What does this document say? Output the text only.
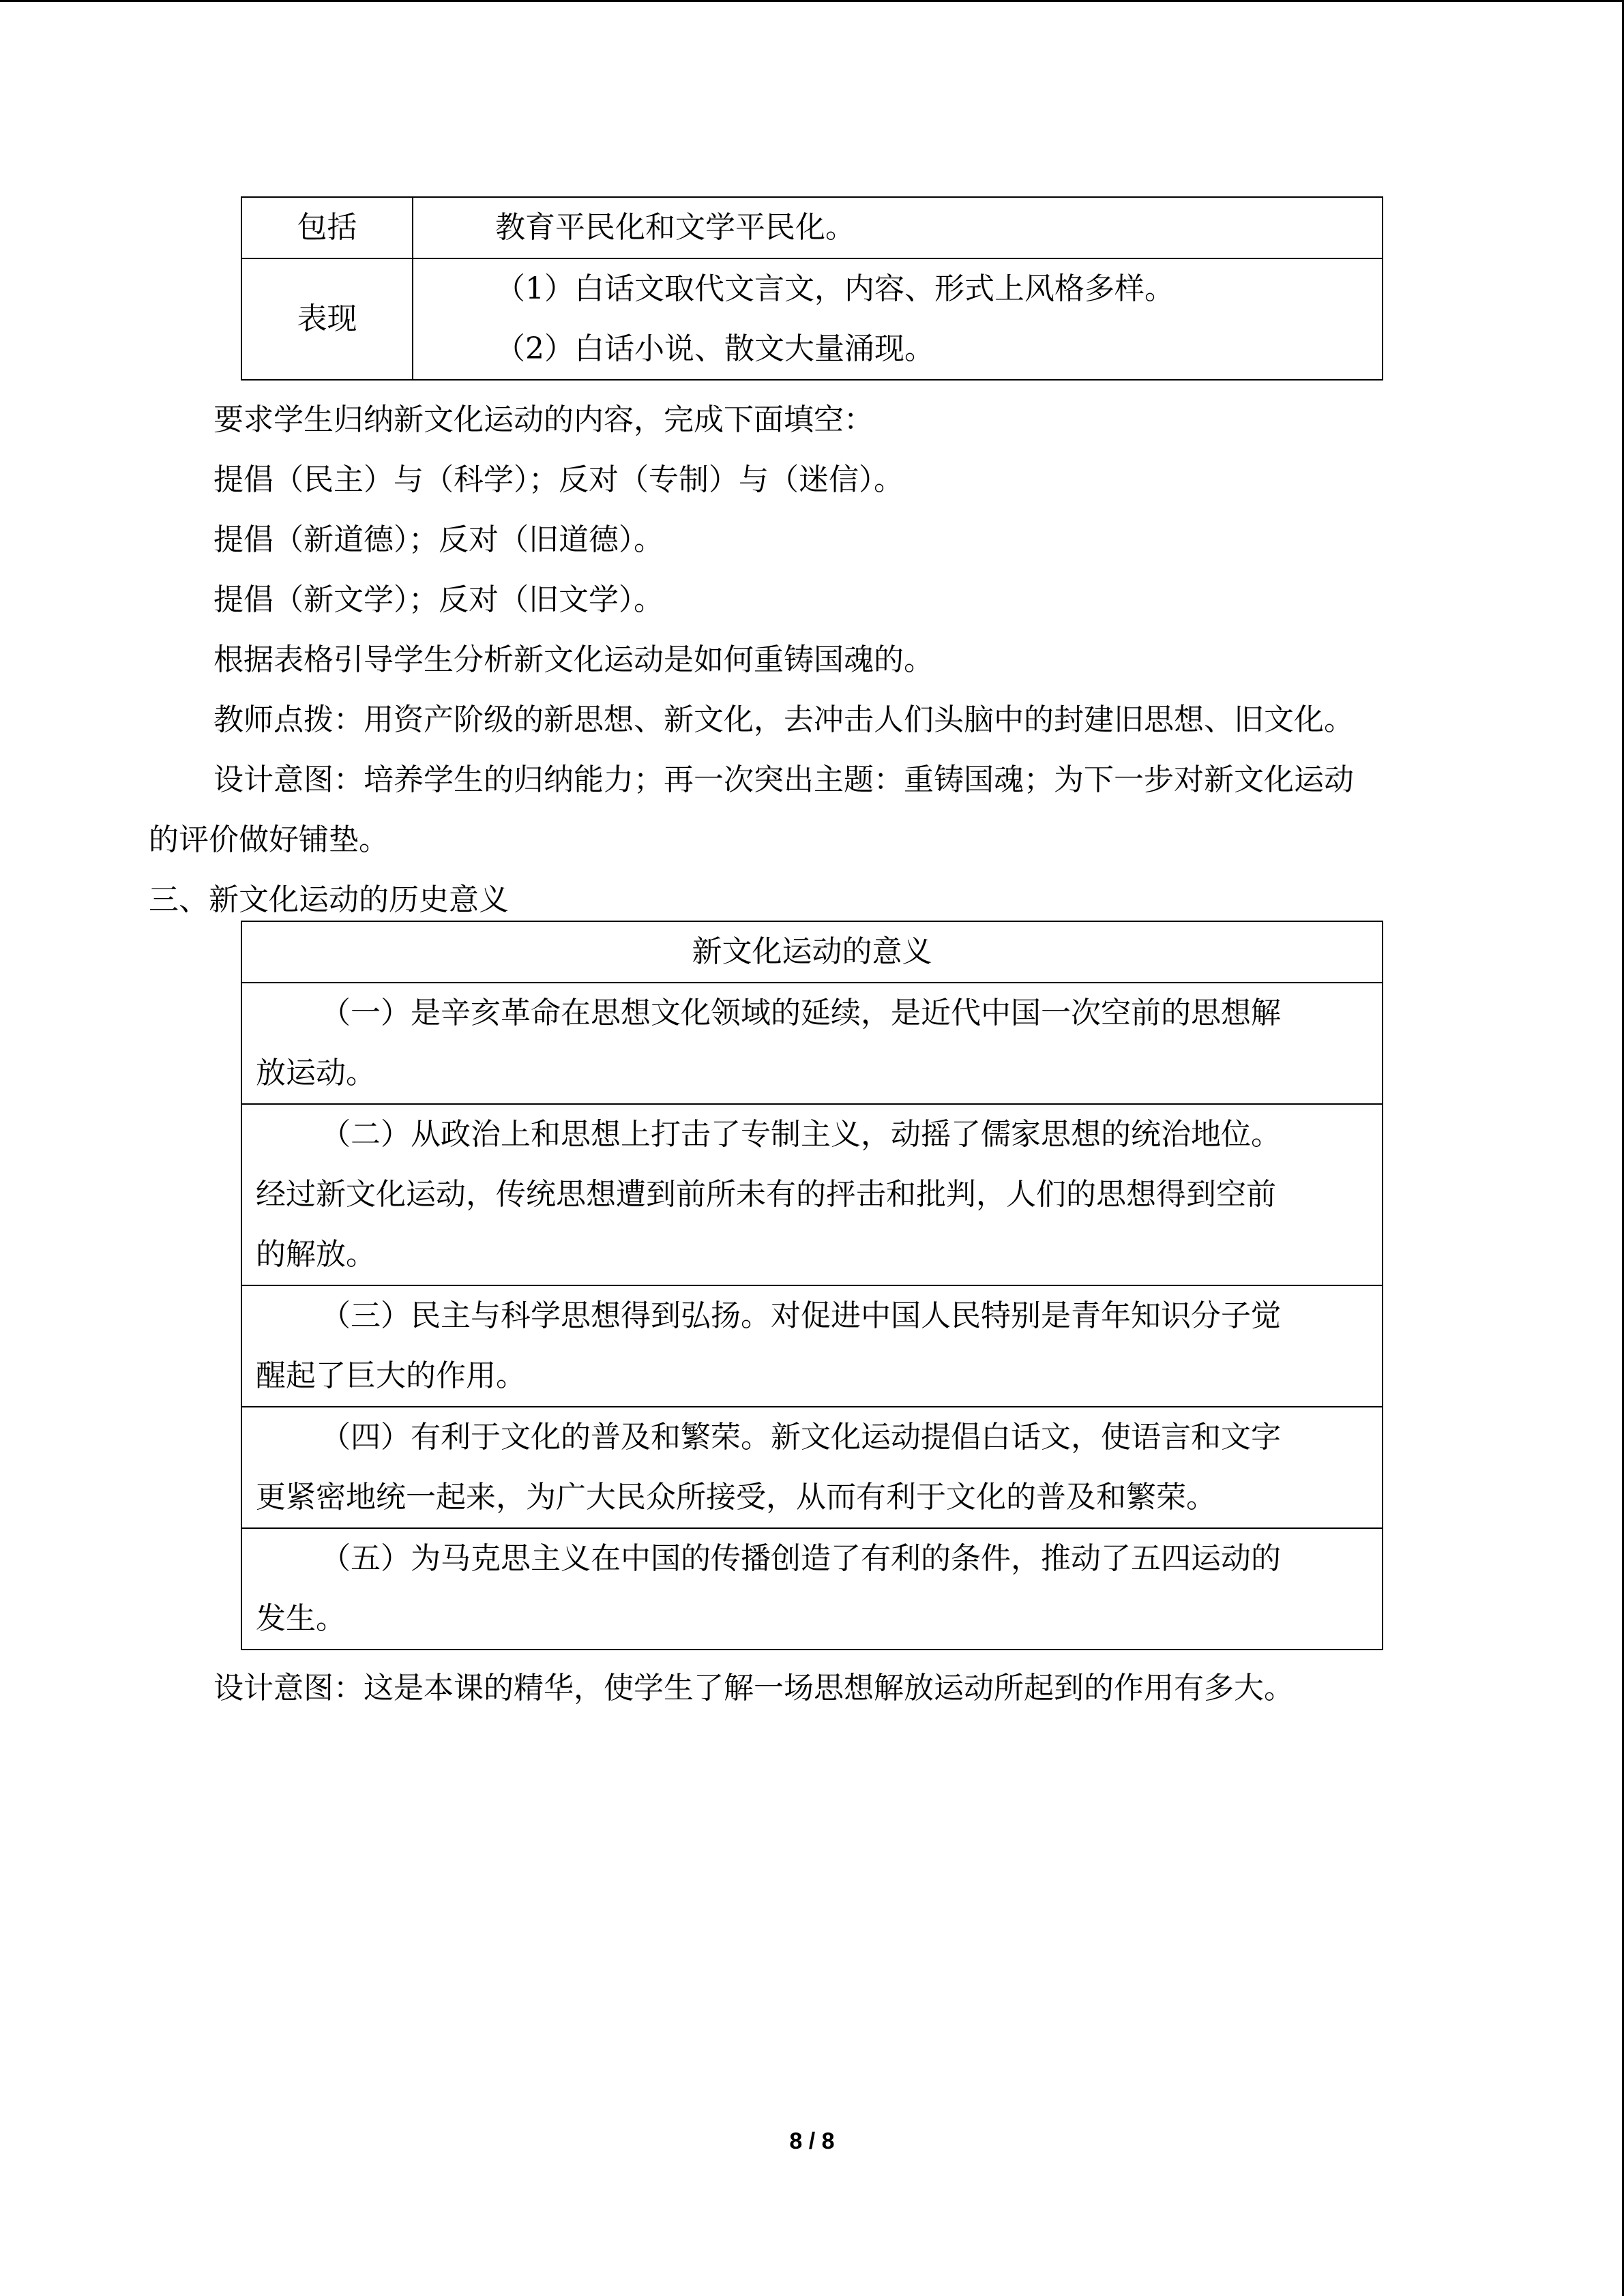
包括	教育平民化和文学平民化。

表现	（1）白话文取代文言文，内容、形式上风格多样。
（2）白话小说、散文大量涌现。
要求学生归纳新文化运动的内容，完成下面填空：
提倡（民主）与（科学）；反对（专制）与（迷信）。
提倡（新道德）；反对（旧道德）。
提倡（新文学）；反对（旧文学）。
根据表格引导学生分析新文化运动是如何重铸国魂的。
教师点拨：用资产阶级的新思想、新文化，去冲击人们头脑中的封建旧思想、旧文化。
设计意图：培养学生的归纳能力；再一次突出主题：重铸国魂；为下一步对新文化运动
的评价做好铺垫。
三、新文化运动的历史意义
新文化运动的意义

（一）是辛亥革命在思想文化领域的延续，是近代中国一次空前的思想解
放运动。

（二）从政治上和思想上打击了专制主义，动摇了儒家思想的统治地位。
经过新文化运动，传统思想遭到前所未有的抨击和批判，人们的思想得到空前
的解放。

（三）民主与科学思想得到弘扬。对促进中国人民特别是青年知识分子觉
醒起了巨大的作用。

（四）有利于文化的普及和繁荣。新文化运动提倡白话文，使语言和文字
更紧密地统一起来，为广大民众所接受，从而有利于文化的普及和繁荣。

（五）为马克思主义在中国的传播创造了有利的条件，推动了五四运动的
发生。
设计意图：这是本课的精华，使学生了解一场思想解放运动所起到的作用有多大。
8 / 8
